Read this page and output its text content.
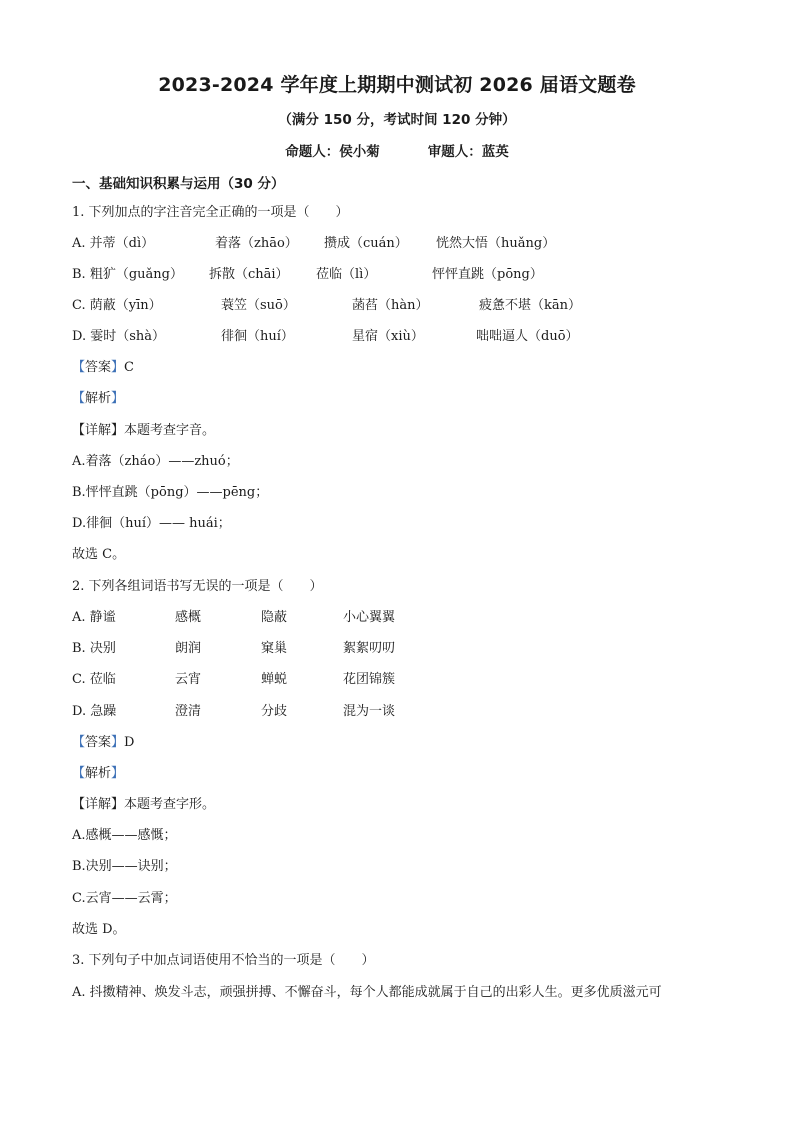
2023-2024 学年度上期期中测试初 2026 届语文题卷
（满分 150 分，考试时间 120 分钟）
命题人：侯小菊	审题人：蓝英
一、基础知识积累与运用（30 分）
1. 下列加点的字注音完全正确的一项是（　　）
A. 并蒂（dì）	着落（zhāo） 攒成（cuán） 恍然大悟（huǎng）
B. 粗犷（guǎng） 拆散（chāi） 莅临（lì）	怦怦直跳（pōng）
C. 荫蔽（yīn）	蓑笠（suō）	菡萏（hàn）	疲惫不堪（kān）
D. 霎时（shà）	徘徊（huí）	星宿（xiù）	咄咄逼人（duō）
【答案】C
【解析】
【详解】本题考查字音。
A.着落（zháo）——zhuó；
B.怦怦直跳（pōng）——pēng；
D.徘徊（huí）—— huái；
故选 C。
2. 下列各组词语书写无误的一项是（　　）
A. 静谧	感概	隐蔽	小心翼翼
B. 决别	朗润	窠巢	絮絮叨叨
C. 莅临	云宵	蝉蜕	花团锦簇
D. 急躁	澄清	分歧	混为一谈
【答案】D
【解析】
【详解】本题考查字形。
A.感概——感慨；
B.决别——诀别；
C.云宵——云霄；
故选 D。
3. 下列句子中加点词语使用不恰当的一项是（　　）
A. 抖擞精神、焕发斗志，顽强拼搏、不懈奋斗，每个人都能成就属于自己的出彩人生。更多优质滋元可
